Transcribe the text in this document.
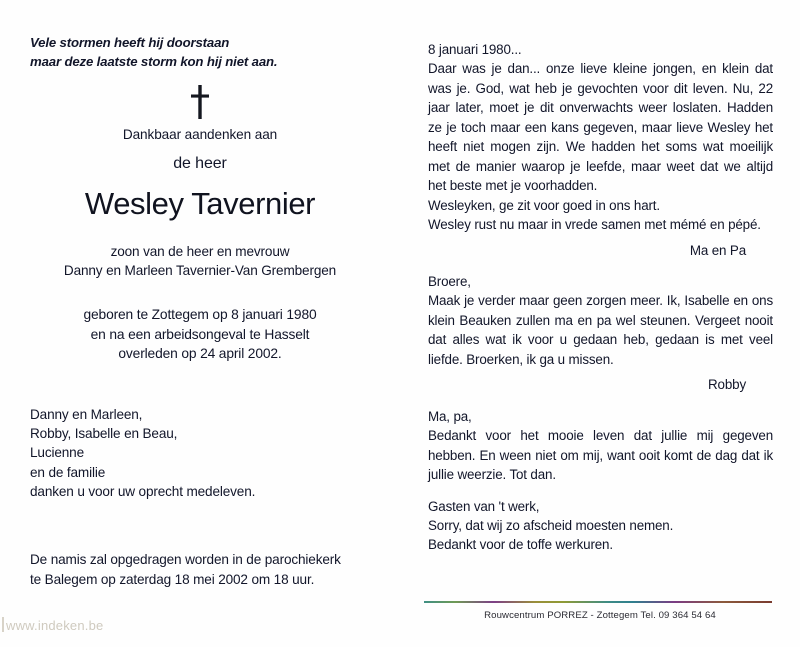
Vele stormen heeft hij doorstaan
maar deze laatste storm kon hij niet aan.
Dankbaar aandenken aan
de heer
Wesley Tavernier
zoon van de heer en mevrouw
Danny en Marleen Tavernier-Van Grembergen
geboren te Zottegem op 8 januari 1980
en na een arbeidsongeval te Hasselt
overleden op 24 april 2002.
Danny en Marleen,
Robby, Isabelle en Beau,
Lucienne
en de familie
danken u voor uw oprecht medeleven.
De namis zal opgedragen worden in de parochiekerk
te Balegem op zaterdag 18 mei 2002 om 18 uur.
www.indeken.be

8 januari 1980...

Daar was je dan... onze lieve kleine jongen, en klein dat was je. God, wat heb je gevochten voor dit leven. Nu, 22 jaar later, moet je dit onverwachts weer loslaten. Hadden ze je toch maar een kans gegeven, maar lieve Wesley het heeft niet mogen zijn. We hadden het soms wat moeilijk met de manier waarop je leefde, maar weet dat we altijd het beste met je voorhadden.

Wesleyken, ge zit voor goed in ons hart.

Wesley rust nu maar in vrede samen met mémé en pépé.

Ma en Pa

Broere,

Maak je verder maar geen zorgen meer. Ik, Isabelle en ons klein Beauken zullen ma en pa wel steunen. Vergeet nooit dat alles wat ik voor u gedaan heb, gedaan is met veel liefde. Broerken, ik ga u missen.

Robby

Ma, pa,

Bedankt voor het mooie leven dat jullie mij gegeven hebben. En ween niet om mij, want ooit komt de dag dat ik jullie weerzie. Tot dan.

Gasten van 't werk,

Sorry, dat wij zo afscheid moesten nemen.

Bedankt voor de toffe werkuren.

Rouwcentrum PORREZ - Zottegem Tel. 09 364 54 64
